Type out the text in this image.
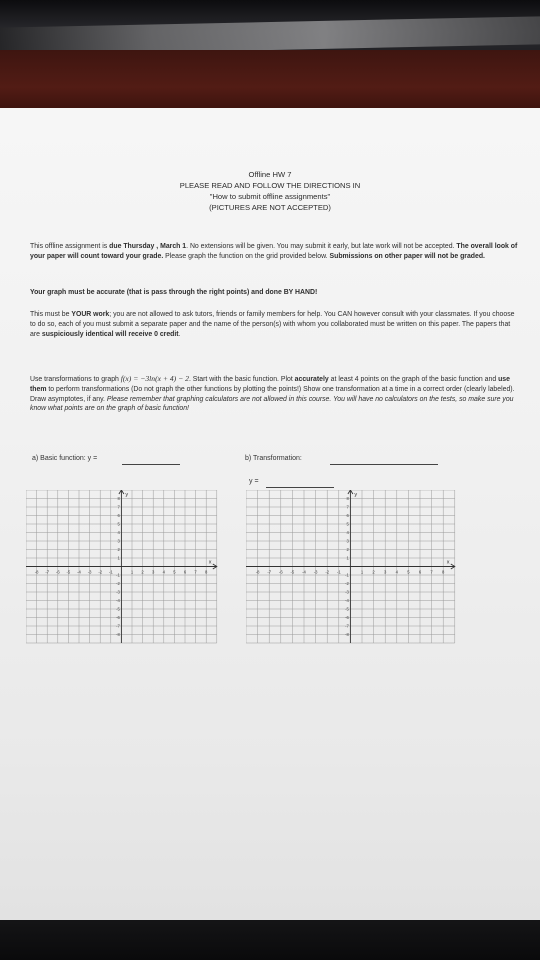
Offline HW 7
PLEASE READ AND FOLLOW THE DIRECTIONS IN
"How to submit offline assignments"
(PICTURES ARE NOT ACCEPTED)

This offline assignment is due Thursday , March 1. No extensions will be given. You may submit it early, but late work will not be accepted. The overall look of your paper will count toward your grade. Please graph the function on the grid provided below. Submissions on other paper will not be graded.

Your graph must be accurate (that is pass through the right points) and done BY HAND!

This must be YOUR work; you are not allowed to ask tutors, friends or family members for help. You CAN however consult with your classmates. If you choose to do so, each of you must submit a separate paper and the name of the person(s) with whom you collaborated must be written on this paper. The papers that are suspiciously identical will receive 0 credit.

Use transformations to graph f(x) = −3ln(x + 4) − 2. Start with the basic function. Plot accurately at least 4 points on the graph of the basic function and use them to perform transformations (Do not graph the other functions by plotting the points!) Show one transformation at a time in a correct order (clearly labeled). Draw asymptotes, if any. Please remember that graphing calculators are not allowed in this course. You will have no calculators on the tests, so make sure you know what points are on the graph of basic function!

a) Basic function: y =	b) Transformation:
y =
x
y
-8 -7 -6 -5 -4 -3 -2 -1	1 2 3 4 5 6 7 8
8
7
6
5
4
3
2
1
-1
-2
-3
-4
-5
-6
-7
-8
x
y
-8 -7 -6 -5 -4 -3 -2 -1	1 2 3 4 5 6 7 8
8
7
6
5
4
3
2
1
-1
-2
-3
-4
-5
-6
-7
-8
